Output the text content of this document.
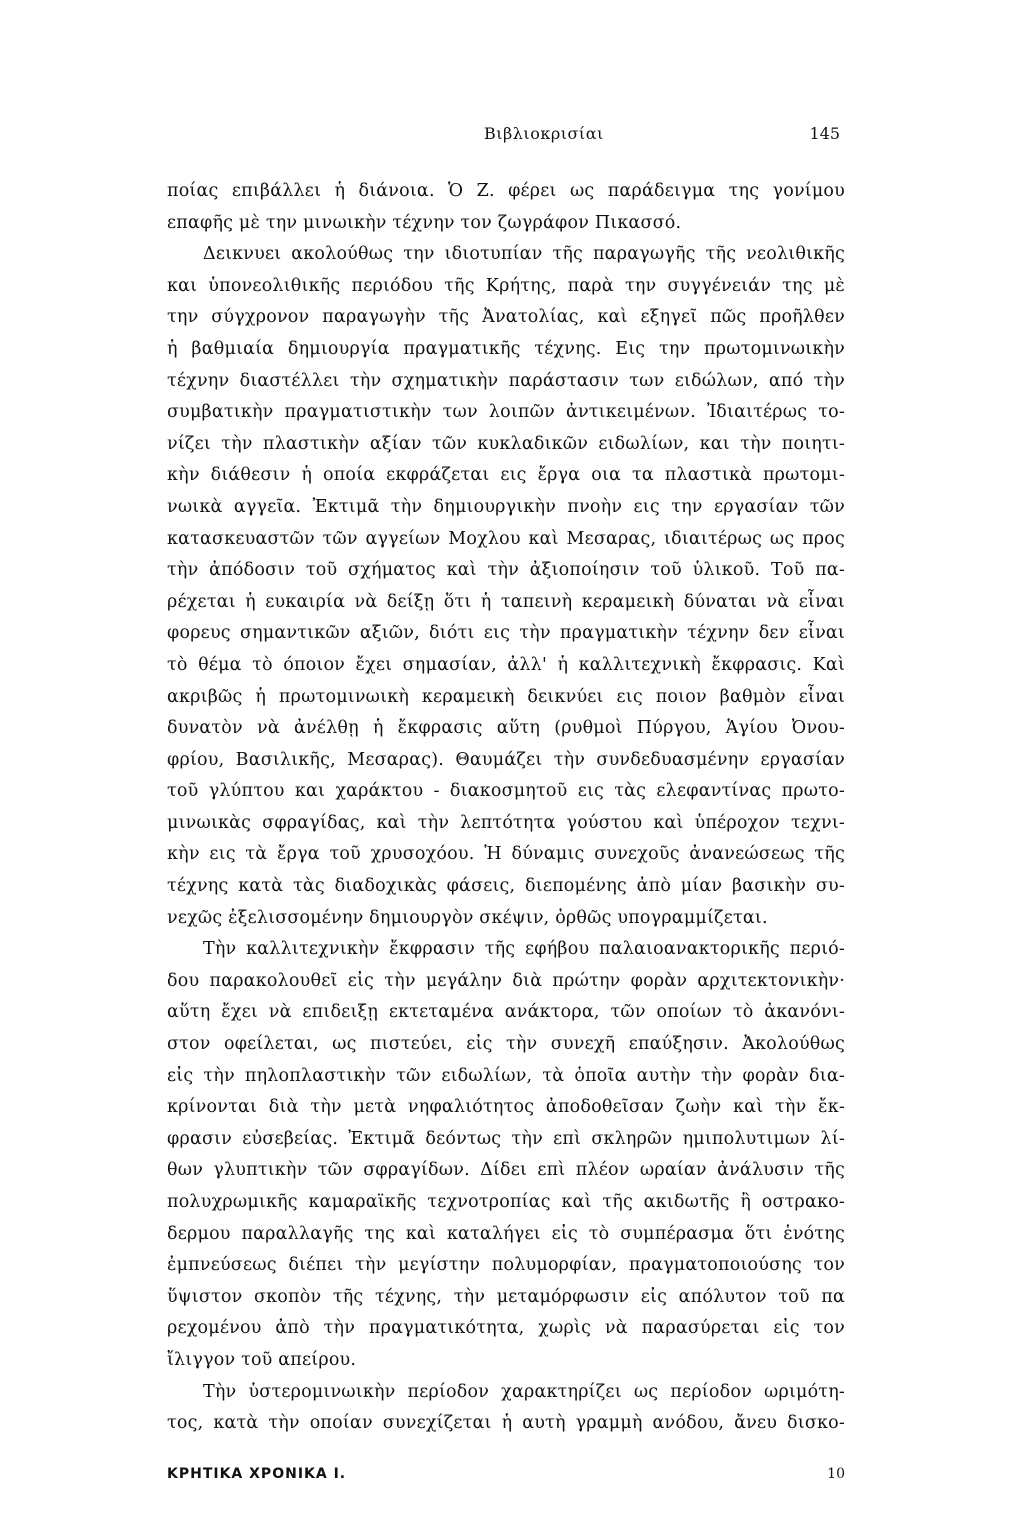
Βιβλιοκρισίαι	145
ποίας επιβάλλει ἡ διάνοια. Ὁ Ζ. φέρει ως παράδειγμα της γονίμου
επαφῆς μὲ την μινωικὴν τέχνην τον ζωγράφον Πικασσό.
Δεικνυει ακολούθως την ιδιοτυπίαν τῆς παραγωγῆς τῆς νεολιθικῆς
και ὑπονεολιθικῆς περιόδου τῆς Κρήτης, παρὰ την συγγένειάν της μὲ
την σύγχρονον παραγωγὴν τῆς Ἀνατολίας, καὶ εξηγεῖ πῶς προῆλθεν
ἡ βαθμιαία δημιουργία πραγματικῆς τέχνης. Εις την πρωτομινωικὴν
τέχνην διαστέλλει τὴν σχηματικὴν παράστασιν των ειδώλων, από τὴν
συμβατικὴν πραγματιστικὴν των λοιπῶν ἀντικειμένων. Ἰδιαιτέρως το-
νίζει τὴν πλαστικὴν αξίαν τῶν κυκλαδικῶν ειδωλίων, και τὴν ποιητι-
κὴν διάθεσιν ἡ οποία εκφράζεται εις ἔργα οια τα πλαστικὰ πρωτομι-
νωικὰ αγγεῖα. Ἐκτιμᾶ τὴν δημιουργικὴν πνοὴν εις την εργασίαν τῶν
κατασκευαστῶν τῶν αγγείων Μοχλου καὶ Μεσαρας, ιδιαιτέρως ως προς
τὴν ἀπόδοσιν τοῦ σχήματος καὶ τὴν ἀξιοποίησιν τοῦ ὑλικοῦ. Τοῦ πα-
ρέχεται ἡ ευκαιρία νὰ δείξῃ ὅτι ἡ ταπεινὴ κεραμεικὴ δύναται νὰ εἶναι
φορευς σημαντικῶν αξιῶν, διότι εις τὴν πραγματικὴν τέχνην δεν εἶναι
τὸ θέμα τὸ όποιον ἔχει σημασίαν, ἀλλ' ἡ καλλιτεχνικὴ ἔκφρασις. Καὶ
ακριβῶς ἡ πρωτομινωικὴ κεραμεικὴ δεικνύει εις ποιον βαθμὸν εἶναι
δυνατὸν νὰ ἀνέλθῃ ἡ ἔκφρασις αὕτη (ρυθμοὶ Πύργου, Ἁγίου Ὀνου-
φρίου, Βασιλικῆς, Μεσαρας). Θαυμάζει τὴν συνδεδυασμένην εργασίαν
τοῦ γλύπτου και χαράκτου - διακοσμητοῦ εις τὰς ελεφαντίνας πρωτο-
μινωικὰς σφραγίδας, καὶ τὴν λεπτότητα γούστου καὶ ὑπέροχον τεχνι-
κὴν εις τὰ ἔργα τοῦ χρυσοχόου. Ἡ δύναμις συνεχοῦς ἀνανεώσεως τῆς
τέχνης κατὰ τὰς διαδοχικὰς φάσεις, διεπομένης ἀπὸ μίαν βασικὴν συ-
νεχῶς ἐξελισσομένην δημιουργὸν σκέψιν, ὀρθῶς υπογραμμίζεται.
Τὴν καλλιτεχνικὴν ἔκφρασιν τῆς εφήβου παλαιοανακτορικῆς περιό-
δου παρακολουθεῖ εἰς τὴν μεγάλην διὰ πρώτην φορὰν αρχιτεκτονικὴν·
αὕτη ἔχει νὰ επιδειξῃ εκτεταμένα ανάκτορα, τῶν οποίων τὸ ἀκανόνι-
στον οφείλεται, ως πιστεύει, εἰς τὴν συνεχῆ επαύξησιν. Ἀκολούθως
εἰς τὴν πηλοπλαστικὴν τῶν ειδωλίων, τὰ ὁποῖα αυτὴν τὴν φορὰν δια-
κρίνονται διὰ τὴν μετὰ νηφαλιότητος ἀποδοθεῖσαν ζωὴν καὶ τὴν ἔκ-
φρασιν εὐσεβείας. Ἐκτιμᾶ δεόντως τὴν επὶ σκληρῶν ημιπολυτιμων λί-
θων γλυπτικὴν τῶν σφραγίδων. Δίδει επὶ πλέον ωραίαν ἀνάλυσιν τῆς
πολυχρωμικῆς καμαραϊκῆς τεχνοτροπίας καὶ τῆς ακιδωτῆς ἢ οστρακο-
δερμου παραλλαγῆς της καὶ καταλήγει εἰς τὸ συμπέρασμα ὅτι ἑνότης
ἐμπνεύσεως διέπει τὴν μεγίστην πολυμορφίαν, πραγματοποιούσης τον
ὕψιστον σκοπὸν τῆς τέχνης, τὴν μεταμόρφωσιν εἰς απόλυτον τοῦ πα
ρεχομένου ἀπὸ τὴν πραγματικότητα, χωρὶς νὰ παρασύρεται εἰς τον
ἴλιγγον τοῦ απείρου.
Τὴν ὑστερομινωικὴν περίοδον χαρακτηρίζει ως περίοδον ωριμότη-
τος, κατὰ τὴν οποίαν συνεχίζεται ἡ αυτὴ γραμμὴ ανόδου, ἄνευ δισκο-
ΚΡΗΤΙΚΑ ΧΡΟΝΙΚΑ Ι.	10
